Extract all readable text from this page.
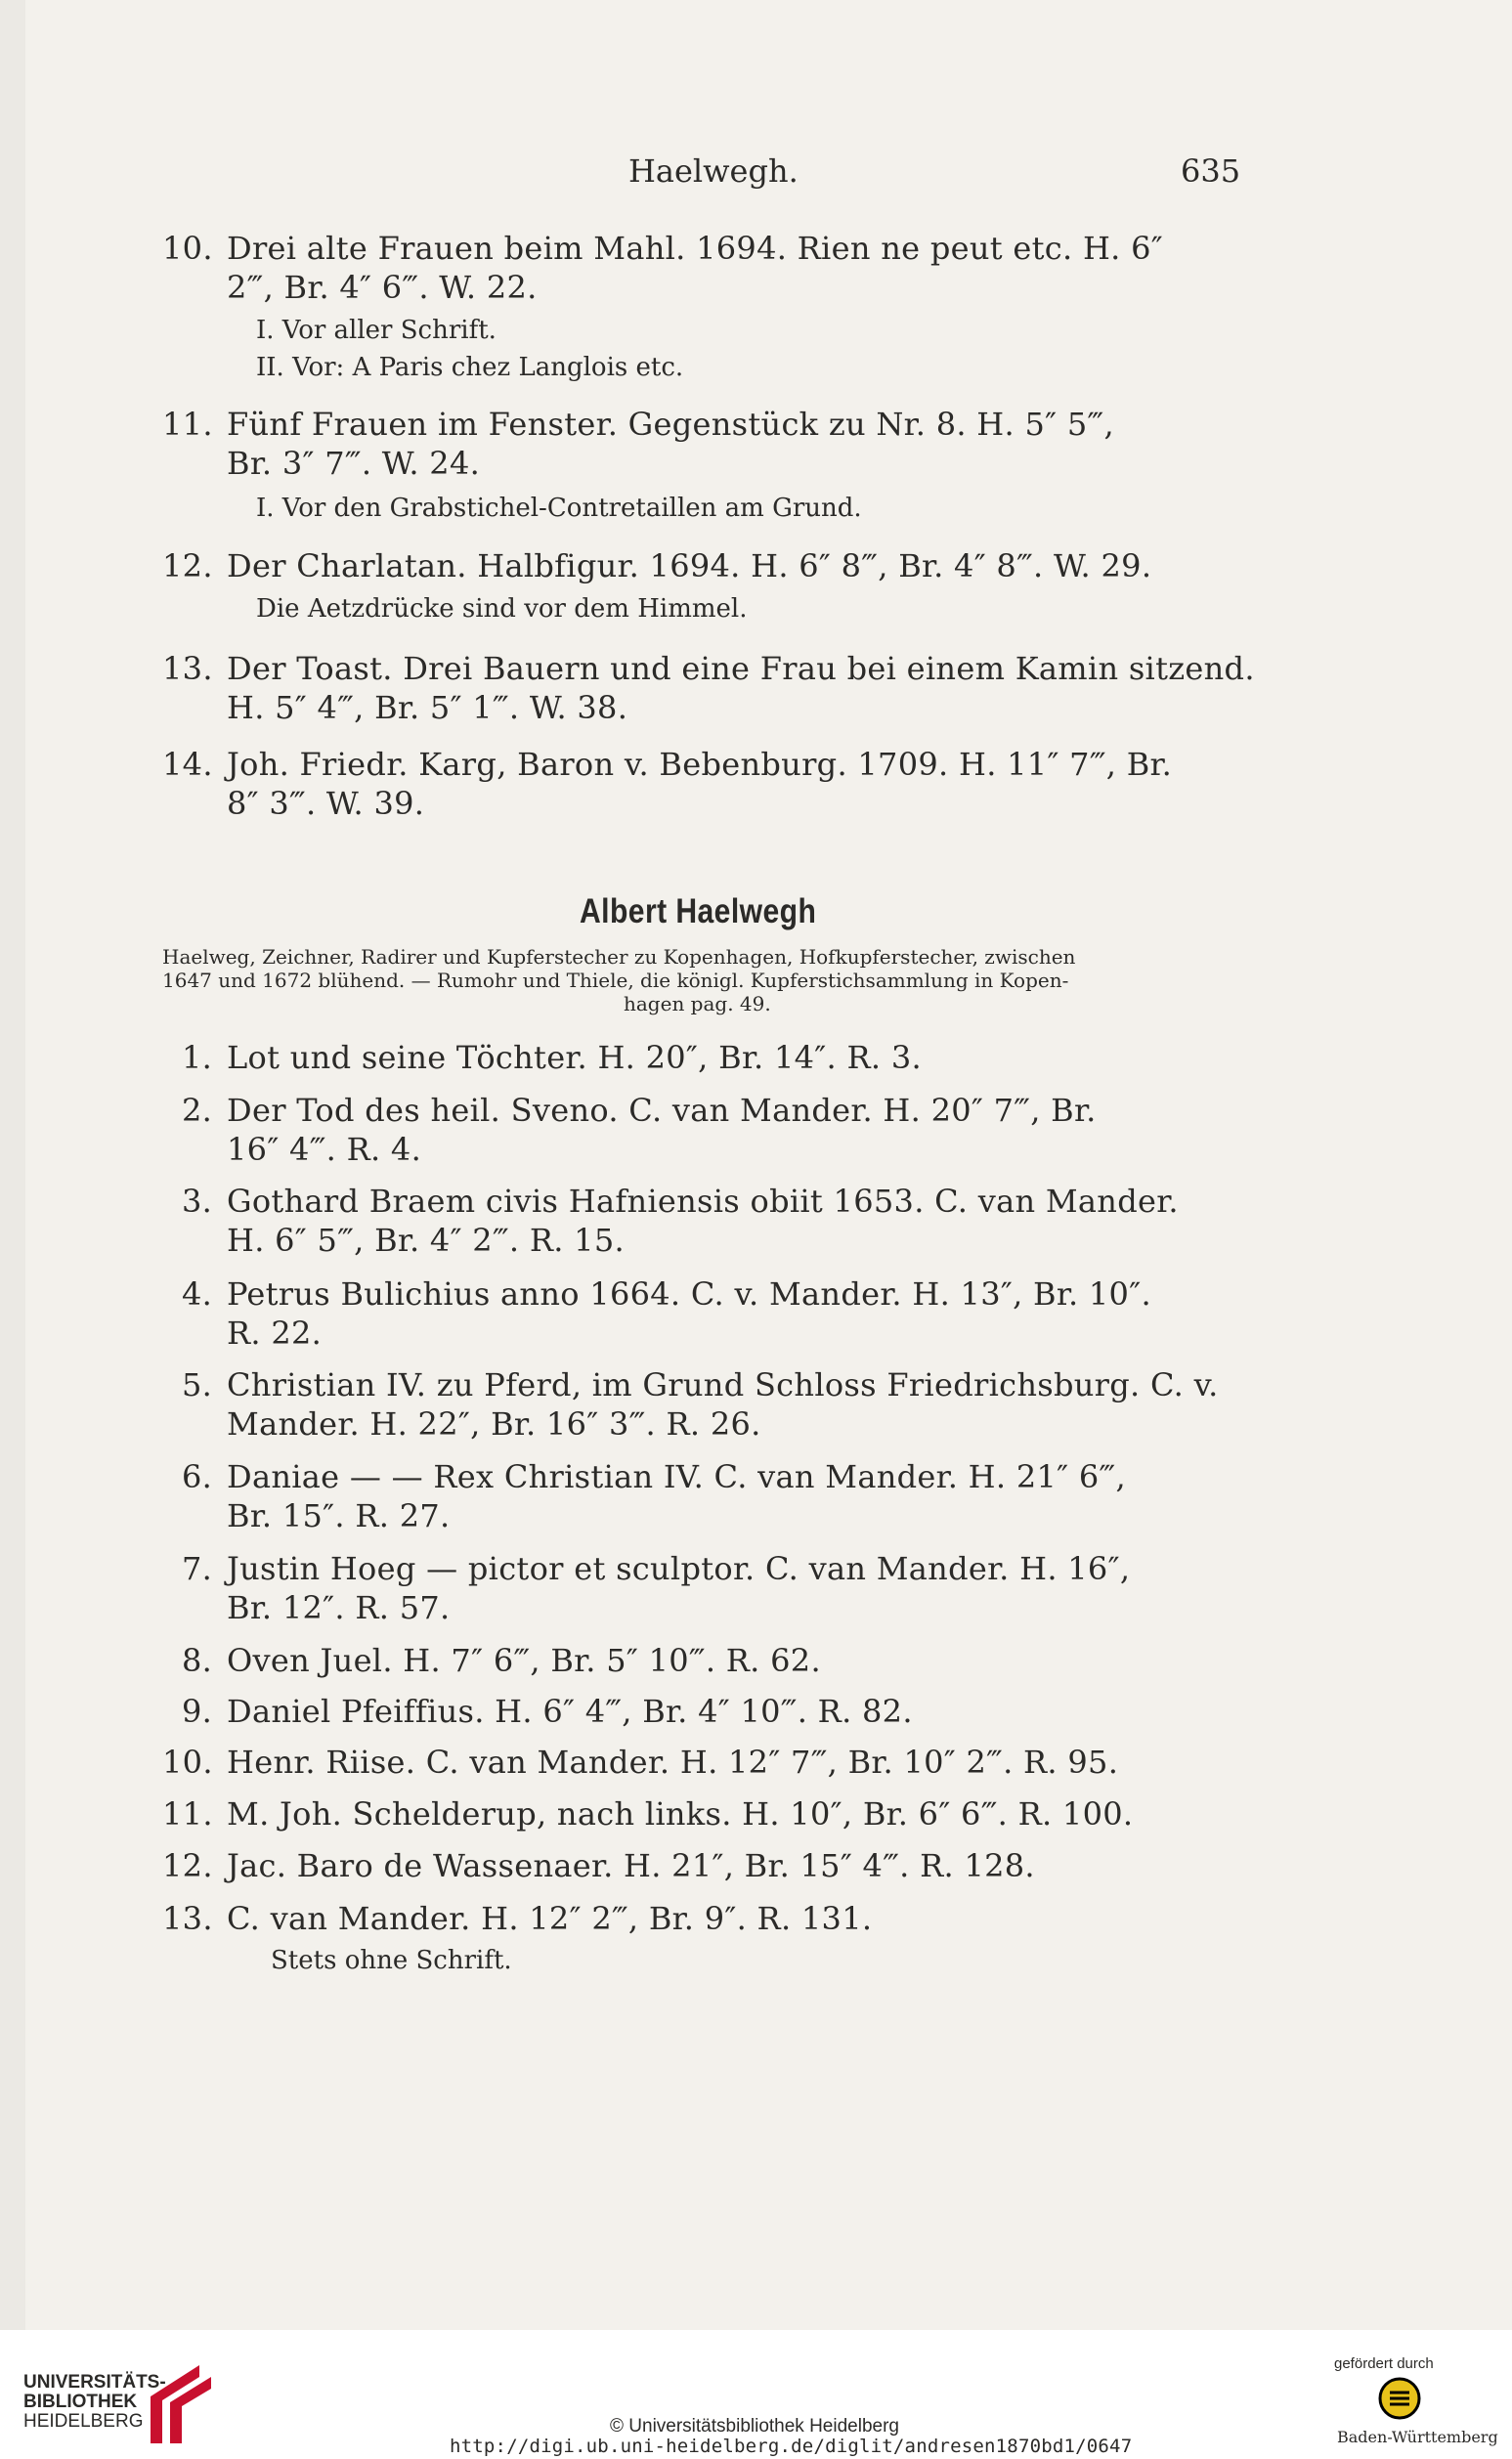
Haelwegh.	635
10. Drei alte Frauen beim Mahl. 1694. Rien ne peut etc. H. 6″
2‴, Br. 4″ 6‴. W. 22.
I. Vor aller Schrift.
II. Vor: A Paris chez Langlois etc.
11. Fünf Frauen im Fenster. Gegenstück zu Nr. 8. H. 5″ 5‴,
Br. 3″ 7‴. W. 24.
I. Vor den Grabstichel-Contretaillen am Grund.
12. Der Charlatan. Halbfigur. 1694. H. 6″ 8‴, Br. 4″ 8‴. W. 29.
Die Aetzdrücke sind vor dem Himmel.
13. Der Toast. Drei Bauern und eine Frau bei einem Kamin sitzend.
H. 5″ 4‴, Br. 5″ 1‴. W. 38.
14. Joh. Friedr. Karg, Baron v. Bebenburg. 1709. H. 11″ 7‴, Br.
8″ 3‴. W. 39.
Albert Haelwegh
Haelweg, Zeichner, Radirer und Kupferstecher zu Kopenhagen, Hofkupferstecher, zwischen
1647 und 1672 blühend. — Rumohr und Thiele, die königl. Kupferstichsammlung in Kopen-
hagen pag. 49.
1. Lot und seine Töchter. H. 20″, Br. 14″. R. 3.
2. Der Tod des heil. Sveno. C. van Mander. H. 20″ 7‴, Br.
16″ 4‴. R. 4.
3. Gothard Braem civis Hafniensis obiit 1653. C. van Mander.
H. 6″ 5‴, Br. 4″ 2‴. R. 15.
4. Petrus Bulichius anno 1664. C. v. Mander. H. 13″, Br. 10″.
R. 22.
5. Christian IV. zu Pferd, im Grund Schloss Friedrichsburg. C. v.
Mander. H. 22″, Br. 16″ 3‴. R. 26.
6. Daniae — — Rex Christian IV. C. van Mander. H. 21″ 6‴,
Br. 15″. R. 27.
7. Justin Hoeg — pictor et sculptor. C. van Mander. H. 16″,
Br. 12″. R. 57.
8. Oven Juel. H. 7″ 6‴, Br. 5″ 10‴. R. 62.
9. Daniel Pfeiffius. H. 6″ 4‴, Br. 4″ 10‴. R. 82.
10. Henr. Riise. C. van Mander. H. 12″ 7‴, Br. 10″ 2‴. R. 95.
11. M. Joh. Schelderup, nach links. H. 10″, Br. 6″ 6‴. R. 100.
12. Jac. Baro de Wassenaer. H. 21″, Br. 15″ 4‴. R. 128.
13. C. van Mander. H. 12″ 2‴, Br. 9″. R. 131.
Stets ohne Schrift.
UNIVERSITÄTS-
BIBLIOTHEK
HEIDELBERG	© Universitätsbibliothek Heidelberg
http://digi.ub.uni-heidelberg.de/diglit/andresen1870bd1/0647
gefördert durch
Baden-Württemberg
